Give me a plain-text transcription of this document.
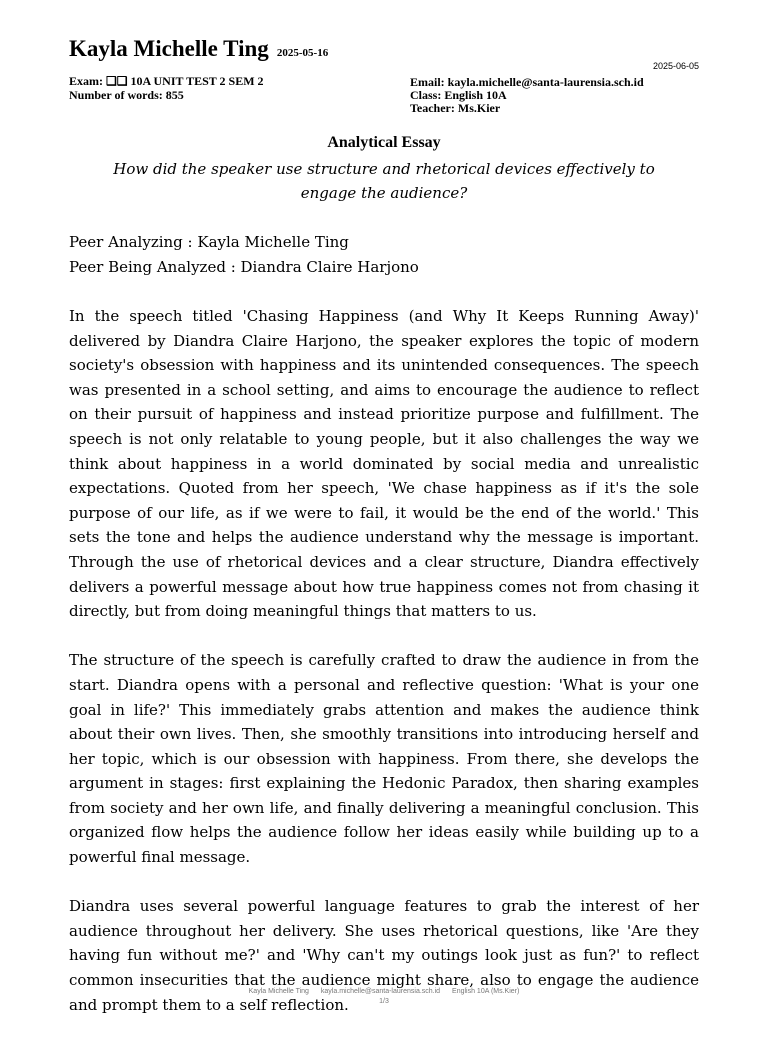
Kayla Michelle Ting 2025-05-16
2025-06-05
Exam: ❑❑ 10A UNIT TEST 2 SEM 2
Number of words: 855
Email: kayla.michelle@santa-laurensia.sch.id
Class: English 10A
Teacher: Ms.Kier
Analytical Essay
How did the speaker use structure and rhetorical devices effectively to engage the audience?
Peer Analyzing : Kayla Michelle Ting
Peer Being Analyzed : Diandra Claire Harjono

In the speech titled 'Chasing Happiness (and Why It Keeps Running Away)' delivered by Diandra Claire Harjono, the speaker explores the topic of modern society's obsession with happiness and its unintended consequences. The speech was presented in a school setting, and aims to encourage the audience to reflect on their pursuit of happiness and instead prioritize purpose and fulfillment. The speech is not only relatable to young people, but it also challenges the way we think about happiness in a world dominated by social media and unrealistic expectations. Quoted from her speech, 'We chase happiness as if it's the sole purpose of our life, as if we were to fail, it would be the end of the world.' This sets the tone and helps the audience understand why the message is important. Through the use of rhetorical devices and a clear structure, Diandra effectively delivers a powerful message about how true happiness comes not from chasing it directly, but from doing meaningful things that matters to us.

The structure of the speech is carefully crafted to draw the audience in from the start. Diandra opens with a personal and reflective question: 'What is your one goal in life?' This immediately grabs attention and makes the audience think about their own lives. Then, she smoothly transitions into introducing herself and her topic, which is our obsession with happiness. From there, she develops the argument in stages: first explaining the Hedonic Paradox, then sharing examples from society and her own life, and finally delivering a meaningful conclusion. This organized flow helps the audience follow her ideas easily while building up to a powerful final message.

Diandra uses several powerful language features to grab the interest of her audience throughout her delivery. She uses rhetorical questions, like 'Are they having fun without me?' and 'Why can't my outings look just as fun?' to reflect common insecurities that the audience might share, also to engage the audience and prompt them to a self reflection.

Kayla Michelle Ting kayla.michelle@santa-laurensia.sch.id English 10A (Ms.Kier)
1/3
